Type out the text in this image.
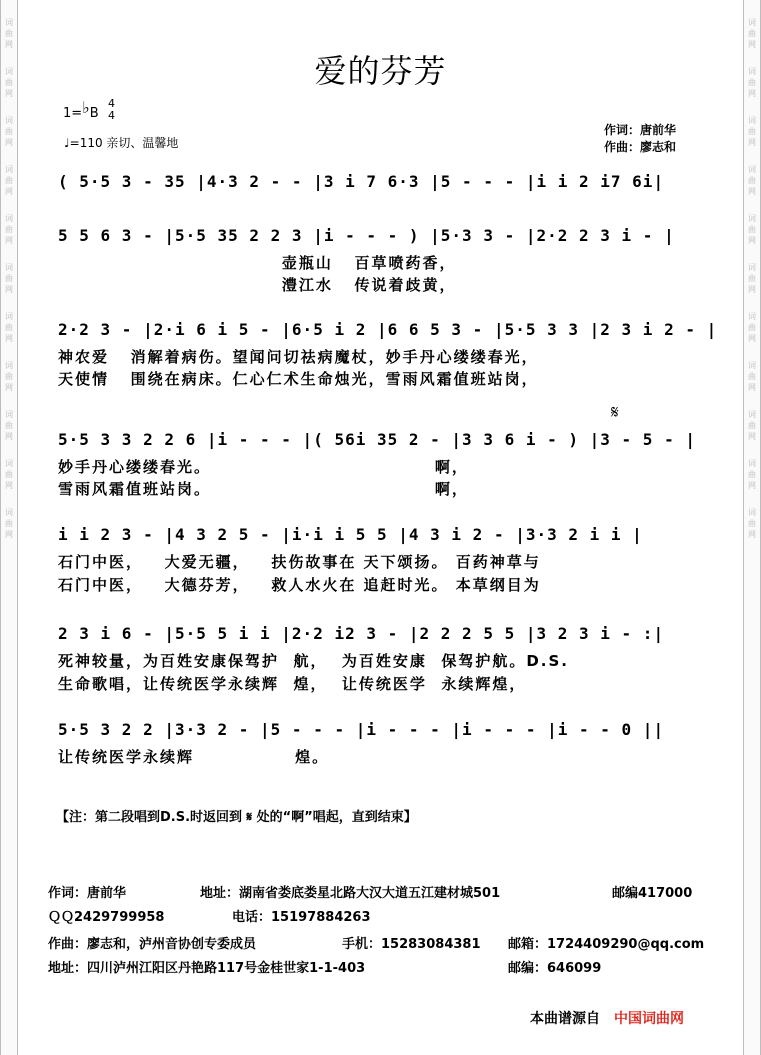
词
曲
网
词
曲
网
词
曲
网
词
曲
网
词
曲
网
词
曲
网
词
曲
网
词
曲
网
词
曲
网
词
曲
网
词
曲
网
词
曲
网
词
曲
网
词
曲
网
词
曲
网
词
曲
网
词
曲
网
词
曲
网
词
曲
网
词
曲
网
词
曲
网
词
曲
网
爱的芬芳
1=♭B
4
4
♩=110 亲切、温馨地
作词：唐前华
作曲：廖志和
𝄋
( 5·5 3 - 35 |4·3 2 - - |3 i 7 6·3 |5 - - - |i i 2 i7 6i|
5 5 6 3 - |5·5 35 2 2 3 |i - - - ) |5·3 3 - |2·2 2 3 i - |
壶瓶山   百草喷药香，
澧江水   传说着歧黄，
2·2 3 - |2·i 6 i 5 - |6·5 i 2 |6 6 5 3 - |5·5 3 3 |2 3 i 2 - |
神农爱   消解着病伤。望闻问切祛病魔杖，妙手丹心缕缕春光，
天使情   围绕在病床。仁心仁术生命烛光，雪雨风霜值班站岗，
5·5 3 3 2 2 6 |i - - - |( 56i 35 2 - |3 3 6 i - ) |3 - 5 - |
妙手丹心缕缕春光。                               啊，
雪雨风霜值班站岗。                               啊，
i i 2 3 - |4 3 2 5 - |i·i i 5 5 |4 3 i 2 - |3·3 2 i i |
石门中医，   大爱无疆，   扶伤故事在 天下颂扬。 百药神草与
石门中医，   大德芬芳，   救人水火在 追赶时光。 本草纲目为
2 3 i 6 - |5·5 5 i i |2·2 i2 3 - |2 2 2 5 5 |3 2 3 i - :|
死神较量，为百姓安康保驾护  航，  为百姓安康  保驾护航。D.S.
生命歌唱，让传统医学永续辉  煌，  让传统医学  永续辉煌，
5·5 3 2 2 |3·3 2 - |5 - - - |i - - - |i - - - |i - - 0 ||
让传统医学永续辉              煌。
【注：第二段唱到D.S.时返回到 𝄋 处的“啊”唱起，直到结束】
作词：唐前华	地址：湖南省娄底娄星北路大汉大道五江建材城501	邮编417000
ＱＱ2429799958	电话：15197884263
作曲：廖志和，泸州音协创专委成员	手机：15283084381 邮箱：1724409290@qq.com
地址：四川泸州江阳区丹艳路117号金桂世家1-1-403	邮编：646099
本曲谱源自 中国词曲网
